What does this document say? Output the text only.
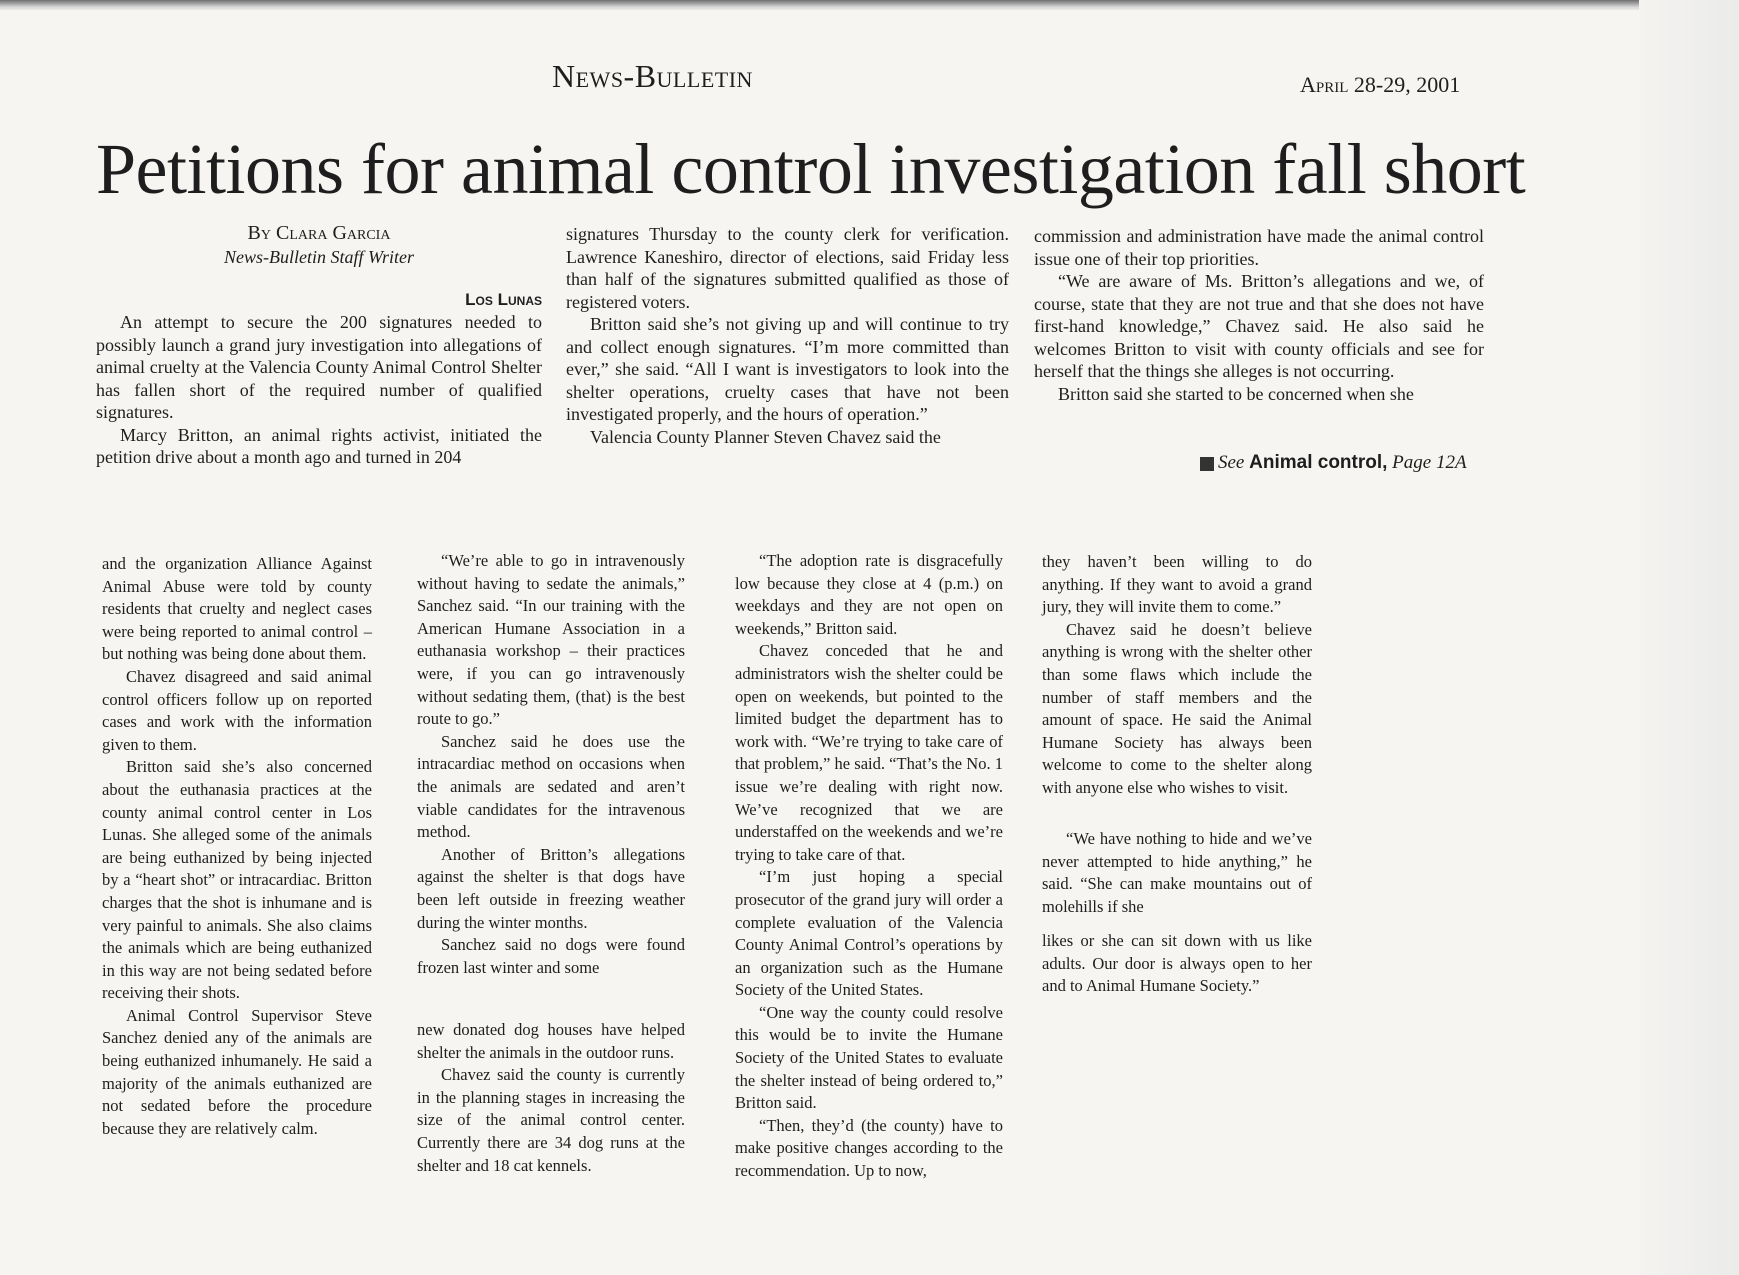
News-Bulletin	April 28-29, 2001
Petitions for animal control investigation fall short
By Clara Garcia
News-Bulletin Staff Writer
Los Lunas

An attempt to secure the 200 signatures needed to possibly launch a grand jury investigation into allegations of animal cruelty at the Valencia County Animal Control Shelter has fallen short of the required number of qualified signatures.

Marcy Britton, an animal rights activist, initiated the petition drive about a month ago and turned in 204

signatures Thursday to the county clerk for verification. Lawrence Kaneshiro, director of elections, said Friday less than half of the signatures submitted qualified as those of registered voters.

Britton said she’s not giving up and will continue to try and collect enough signatures. “I’m more committed than ever,” she said. “All I want is investigators to look into the shelter operations, cruelty cases that have not been investigated properly, and the hours of operation.”

Valencia County Planner Steven Chavez said the

commission and administration have made the animal control issue one of their top priorities.

“We are aware of Ms. Britton’s allegations and we, of course, state that they are not true and that she does not have first-hand knowledge,” Chavez said. He also said he welcomes Britton to visit with county officials and see for herself that the things she alleges is not occurring.

Britton said she started to be concerned when she

See Animal control, Page 12A

and the organization Alliance Against Animal Abuse were told by county residents that cruelty and neglect cases were being reported to animal control – but nothing was being done about them.

Chavez disagreed and said animal control officers follow up on reported cases and work with the information given to them.

Britton said she’s also concerned about the euthanasia practices at the county animal control center in Los Lunas. She alleged some of the animals are being euthanized by being injected by a “heart shot” or intracardiac. Britton charges that the shot is inhumane and is very painful to animals. She also claims the animals which are being euthanized in this way are not being sedated before receiving their shots.

Animal Control Supervisor Steve Sanchez denied any of the animals are being euthanized inhumanely. He said a majority of the animals euthanized are not sedated before the procedure because they are relatively calm.

“We’re able to go in intravenously without having to sedate the animals,” Sanchez said. “In our training with the American Humane Association in a euthanasia workshop – their practices were, if you can go intravenously without sedating them, (that) is the best route to go.”

Sanchez said he does use the intracardiac method on occasions when the animals are sedated and aren’t viable candidates for the intravenous method.

Another of Britton’s allegations against the shelter is that dogs have been left outside in freezing weather during the winter months.

Sanchez said no dogs were found frozen last winter and some

new donated dog houses have helped shelter the animals in the outdoor runs.

Chavez said the county is currently in the planning stages in increasing the size of the animal control center. Currently there are 34 dog runs at the shelter and 18 cat kennels.

“The adoption rate is disgracefully low because they close at 4 (p.m.) on weekdays and they are not open on weekends,” Britton said.

Chavez conceded that he and administrators wish the shelter could be open on weekends, but pointed to the limited budget the department has to work with. “We’re trying to take care of that problem,” he said. “That’s the No. 1 issue we’re dealing with right now. We’ve recognized that we are understaffed on the weekends and we’re trying to take care of that.

“I’m just hoping a special prosecutor of the grand jury will order a complete evaluation of the Valencia County Animal Control’s operations by an organization such as the Humane Society of the United States.

“One way the county could resolve this would be to invite the Humane Society of the United States to evaluate the shelter instead of being ordered to,” Britton said.

“Then, they’d (the county) have to make positive changes according to the recommendation. Up to now,

they haven’t been willing to do anything. If they want to avoid a grand jury, they will invite them to come.”

Chavez said he doesn’t believe anything is wrong with the shelter other than some flaws which include the number of staff members and the amount of space. He said the Animal Humane Society has always been welcome to come to the shelter along with anyone else who wishes to visit.

“We have nothing to hide and we’ve never attempted to hide anything,” he said. “She can make mountains out of molehills if she

likes or she can sit down with us like adults. Our door is always open to her and to Animal Humane Society.”
